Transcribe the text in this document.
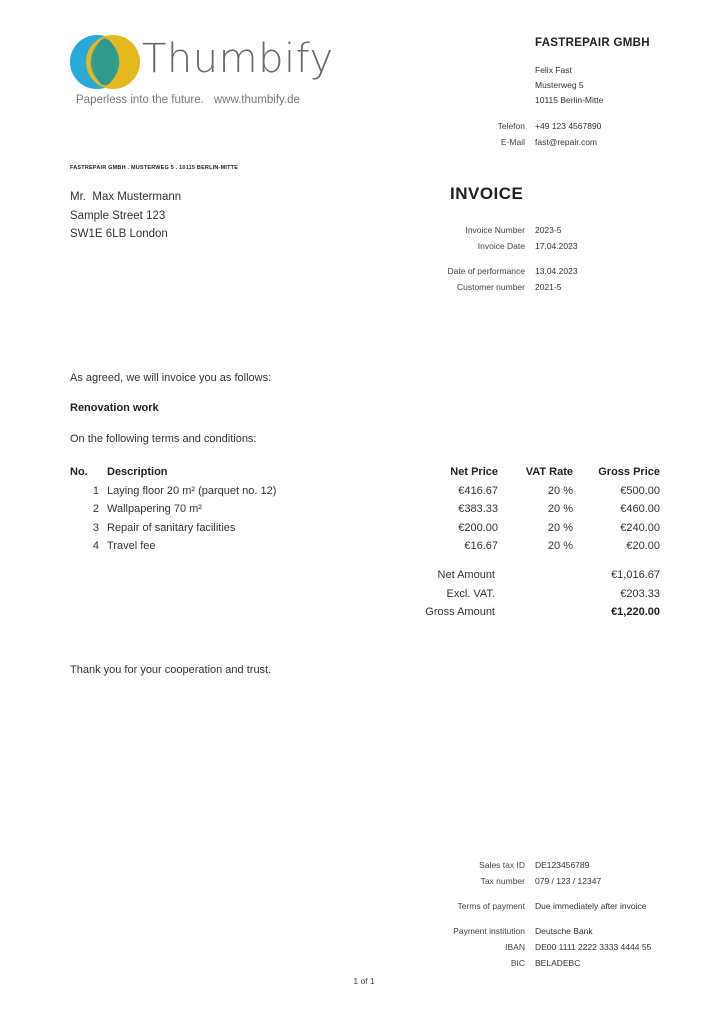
Thumbify
Paperless into the future. www.thumbify.de
FASTREPAIR GMBH
Felix Fast
Musterweg 5
10115 Berlin-Mitte
Telefon	+49 123 4567890
E-Mail	fast@repair.com
FASTREPAIR GMBH . MUSTERWEG 5 . 10115 BERLIN-MITTE
Mr.  Max Mustermann
Sample Street 123
SW1E 6LB London
INVOICE
Invoice Number	2023-5
Invoice Date	17.04.2023
Date of performance	13.04.2023
Customer number	2021-5
As agreed, we will invoice you as follows:
Renovation work
On the following terms and conditions:
No.	Description	Net Price	VAT Rate	Gross Price
1 Laying floor 20 m² (parquet no. 12)	€416.67	20 %	€500.00
2 Wallpapering 70 m²	€383.33	20 %	€460.00
3 Repair of sanitary facilities	€200.00	20 %	€240.00
4 Travel fee	€16.67	20 %	€20.00
Net Amount	€1,016.67
Excl. VAT.	€203.33
Gross Amount	€1,220.00
Thank you for your cooperation and trust.
Sales tax ID	DE123456789
Tax number	079 / 123 / 12347
Terms of payment	Due immediately after invoice
Payment institution	Deutsche Bank
IBAN	DE00 1111 2222 3333 4444 55
BIC	BELADEBC
1 of 1
